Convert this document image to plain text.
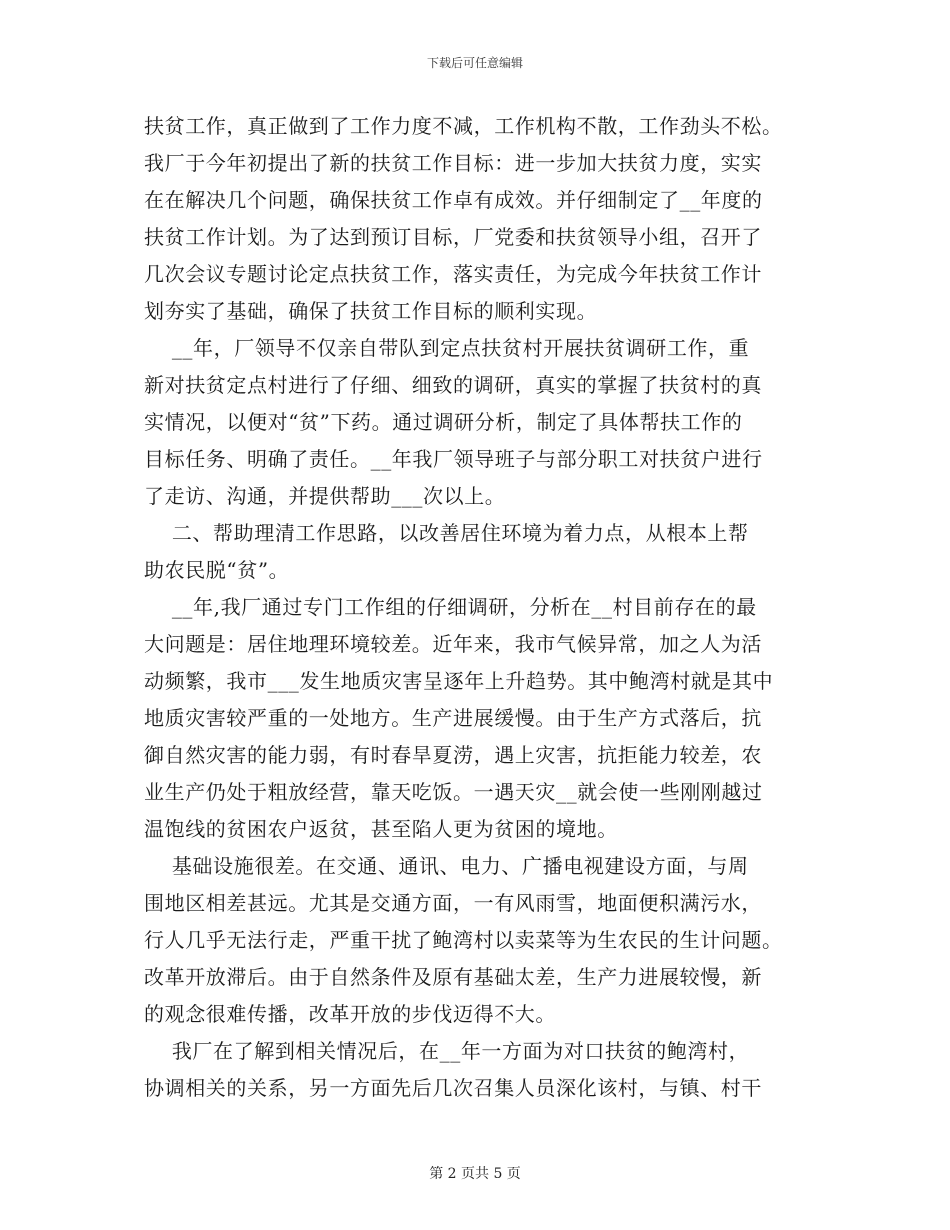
下载后可任意编辑
扶贫工作，真正做到了工作力度不减，工作机构不散，工作劲头不松。
我厂于今年初提出了新的扶贫工作目标：进一步加大扶贫力度，实实
在在解决几个问题，确保扶贫工作卓有成效。并仔细制定了__年度的
扶贫工作计划。为了达到预订目标，厂党委和扶贫领导小组，召开了
几次会议专题讨论定点扶贫工作，落实责任，为完成今年扶贫工作计
划夯实了基础，确保了扶贫工作目标的顺利实现。
__年，厂领导不仅亲自带队到定点扶贫村开展扶贫调研工作，重
新对扶贫定点村进行了仔细、细致的调研，真实的掌握了扶贫村的真
实情况，以便对“贫”下药。通过调研分析，制定了具体帮扶工作的
目标任务、明确了责任。__年我厂领导班子与部分职工对扶贫户进行
了走访、沟通，并提供帮助___次以上。
二、帮助理清工作思路，以改善居住环境为着力点，从根本上帮
助农民脱“贫”。
__年,我厂通过专门工作组的仔细调研，分析在__村目前存在的最
大问题是：居住地理环境较差。近年来，我市气候异常，加之人为活
动频繁，我市___发生地质灾害呈逐年上升趋势。其中鲍湾村就是其中
地质灾害较严重的一处地方。生产进展缓慢。由于生产方式落后，抗
御自然灾害的能力弱，有时春旱夏涝，遇上灾害，抗拒能力较差，农
业生产仍处于粗放经营，靠天吃饭。一遇天灾__就会使一些刚刚越过
温饱线的贫困农户返贫，甚至陷人更为贫困的境地。
基础设施很差。在交通、通讯、电力、广播电视建设方面，与周
围地区相差甚远。尤其是交通方面，一有风雨雪，地面便积满污水，
行人几乎无法行走，严重干扰了鲍湾村以卖菜等为生农民的生计问题。
改革开放滞后。由于自然条件及原有基础太差，生产力进展较慢，新
的观念很难传播，改革开放的步伐迈得不大。
我厂在了解到相关情况后，在__年一方面为对口扶贫的鲍湾村，
协调相关的关系，另一方面先后几次召集人员深化该村，与镇、村干
第 2 页共 5 页
